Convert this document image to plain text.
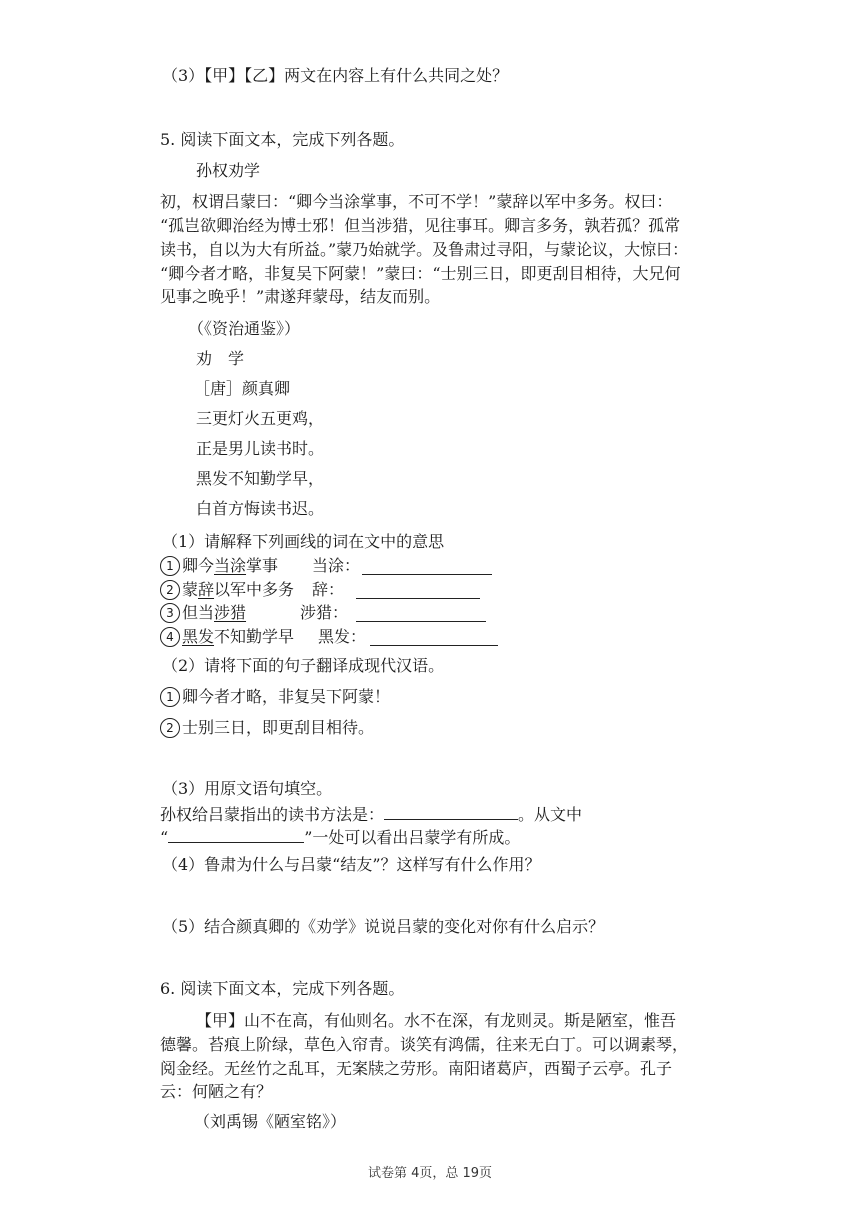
（3）【甲】【乙】两文在内容上有什么共同之处？
5. 阅读下面文本，完成下列各题。
孙权劝学
初，权谓吕蒙曰：“卿今当涂掌事，不可不学！”蒙辞以军中多务。权曰：
“孤岂欲卿治经为博士邪！但当涉猎，见往事耳。卿言多务，孰若孤？孤常
读书，自以为大有所益。”蒙乃始就学。及鲁肃过寻阳，与蒙论议，大惊曰：
“卿今者才略，非复吴下阿蒙！”蒙曰：“士别三日，即更刮目相待，大兄何
见事之晚乎！”肃遂拜蒙母，结友而别。
（《资治通鉴》）
劝　学
［唐］颜真卿
三更灯火五更鸡，
正是男儿读书时。
黑发不知勤学早，
白首方悔读书迟。
（1）请解释下列画线的词在文中的意思
1 卿今当涂掌事 当涂：
2 蒙辞以军中多务 辞：
3 但当涉猎	涉猎：
4 黑发不知勤学早 黑发：
（2）请将下面的句子翻译成现代汉语。
1 卿今者才略，非复吴下阿蒙！
2 士别三日，即更刮目相待。
（3）用原文语句填空。
孙权给吕蒙指出的读书方法是：	。从文中
“	”一处可以看出吕蒙学有所成。
（4）鲁肃为什么与吕蒙“结友”？这样写有什么作用？
（5）结合颜真卿的《劝学》说说吕蒙的变化对你有什么启示？
6. 阅读下面文本，完成下列各题。
【甲】山不在高，有仙则名。水不在深，有龙则灵。斯是陋室，惟吾
德馨。苔痕上阶绿，草色入帘青。谈笑有鸿儒，往来无白丁。可以调素琴，
阅金经。无丝竹之乱耳，无案牍之劳形。南阳诸葛庐，西蜀子云亭。孔子
云：何陋之有？
（刘禹锡《陋室铭》）
试卷第 4页，总 19页
